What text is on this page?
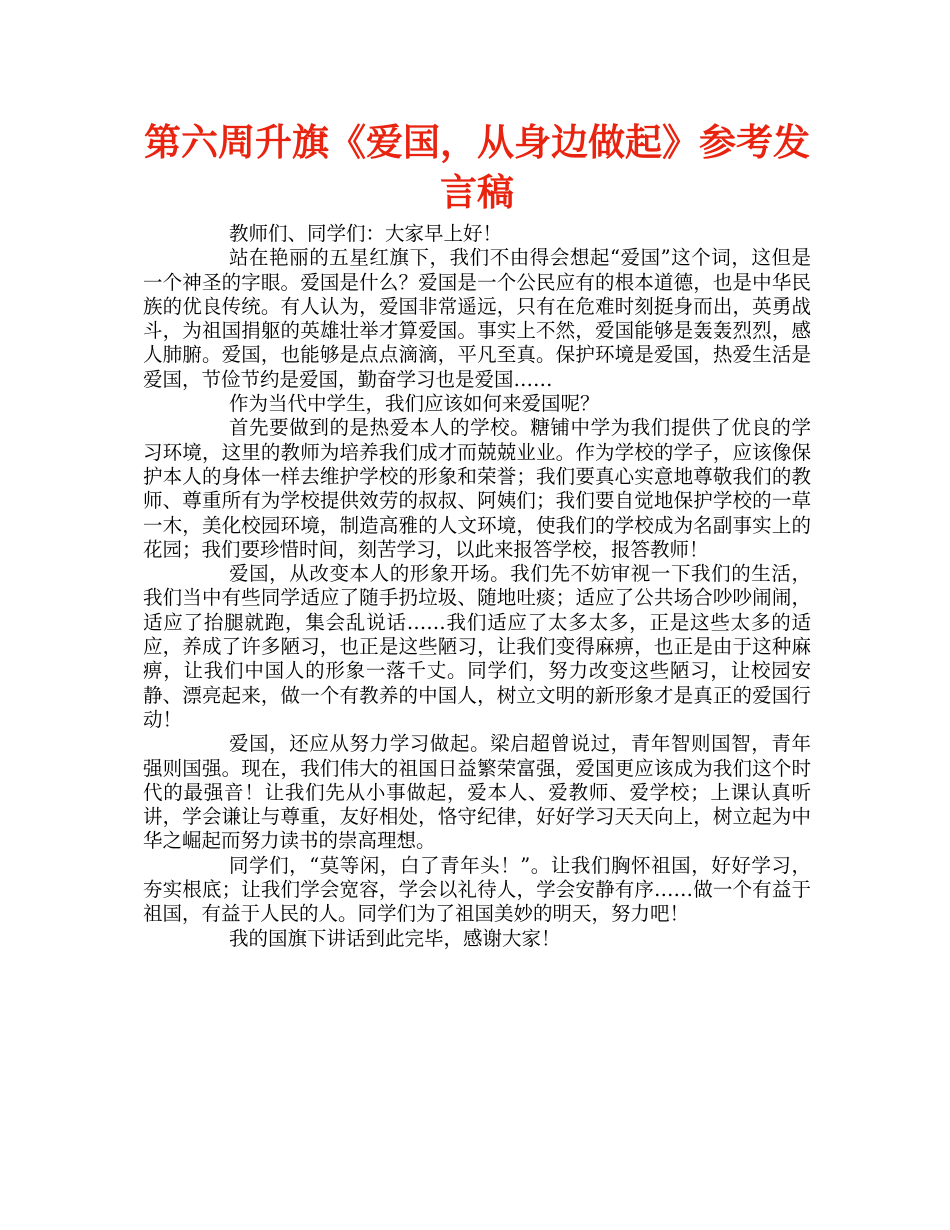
第六周升旗《爱国，从身边做起》参考发言稿

教师们、同学们：大家早上好！

站在艳丽的五星红旗下，我们不由得会想起“爱国”这个词，这但是一个神圣的字眼。爱国是什么？爱国是一个公民应有的根本道德，也是中华民族的优良传统。有人认为，爱国非常遥远，只有在危难时刻挺身而出，英勇战斗，为祖国捐躯的英雄壮举才算爱国。事实上不然，爱国能够是轰轰烈烈，感人肺腑。爱国，也能够是点点滴滴，平凡至真。保护环境是爱国，热爱生活是爱国，节俭节约是爱国，勤奋学习也是爱国……

作为当代中学生，我们应该如何来爱国呢？

首先要做到的是热爱本人的学校。糖铺中学为我们提供了优良的学习环境，这里的教师为培养我们成才而兢兢业业。作为学校的学子，应该像保护本人的身体一样去维护学校的形象和荣誉；我们要真心实意地尊敬我们的教师、尊重所有为学校提供效劳的叔叔、阿姨们；我们要自觉地保护学校的一草一木，美化校园环境，制造高雅的人文环境，使我们的学校成为名副事实上的花园；我们要珍惜时间，刻苦学习，以此来报答学校，报答教师！

爱国，从改变本人的形象开场。我们先不妨审视一下我们的生活，我们当中有些同学适应了随手扔垃圾、随地吐痰；适应了公共场合吵吵闹闹，适应了抬腿就跑，集会乱说话……我们适应了太多太多，正是这些太多的适应，养成了许多陋习，也正是这些陋习，让我们变得麻痹，也正是由于这种麻痹，让我们中国人的形象一落千丈。同学们，努力改变这些陋习，让校园安静、漂亮起来，做一个有教养的中国人，树立文明的新形象才是真正的爱国行动！

爱国，还应从努力学习做起。梁启超曾说过，青年智则国智，青年强则国强。现在，我们伟大的祖国日益繁荣富强，爱国更应该成为我们这个时代的最强音！让我们先从小事做起，爱本人、爱教师、爱学校；上课认真听讲，学会谦让与尊重，友好相处，恪守纪律，好好学习天天向上，树立起为中华之崛起而努力读书的崇高理想。

同学们，“莫等闲，白了青年头！”。让我们胸怀祖国，好好学习，夯实根底；让我们学会宽容，学会以礼待人，学会安静有序……做一个有益于祖国，有益于人民的人。同学们为了祖国美妙的明天，努力吧！

我的国旗下讲话到此完毕，感谢大家！
